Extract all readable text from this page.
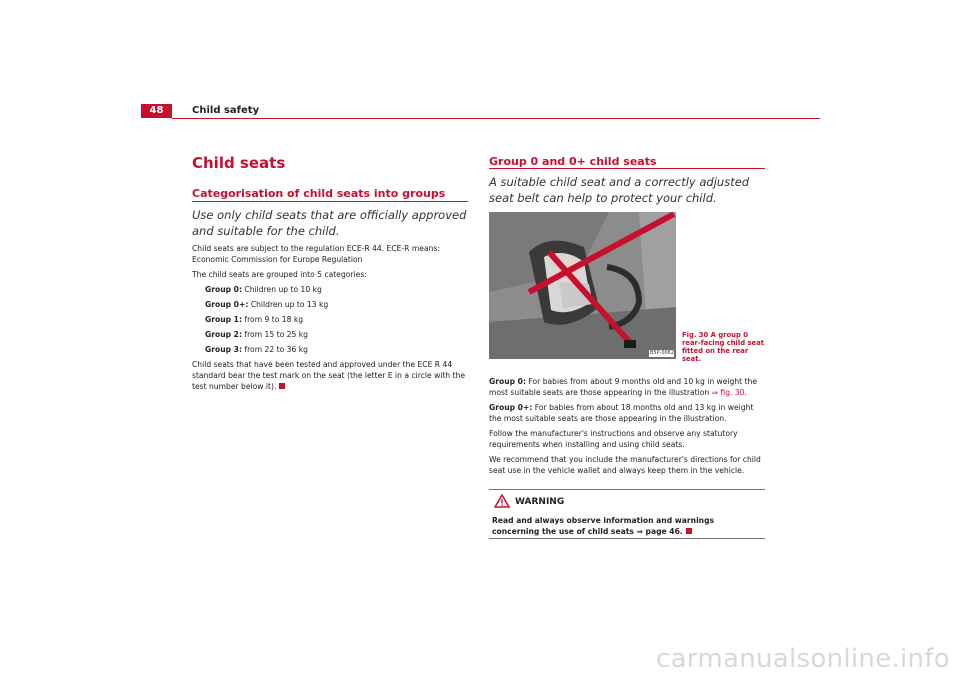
48	Child safety
Child seats
Categorisation of child seats into groups
Use only child seats that are officially approved and suitable for the child.

Child seats are subject to the regulation ECE-R 44. ECE-R means: Economic Commission for Europe Regulation

The child seats are grouped into 5 categories:

Group 0: Children up to 10 kg

Group 0+: Children up to 13 kg

Group 1: from 9 to 18 kg

Group 2: from 15 to 25 kg

Group 3: from 22 to 36 kg

Child seats that have been tested and approved under the ECE R 44 standard bear the test mark on the seat (the letter E in a circle with the test number below it).

Group 0 and 0+ child seats
A suitable child seat and a correctly adjusted seat belt can help to protect your child.
B5P-0062
Fig. 30 A group 0 rear-facing child seat fitted on the rear seat.

Group 0: For babies from about 9 months old and 10 kg in weight the most suitable seats are those appearing in the illustration ⇒ fig. 30.

Group 0+: For babies from about 18 months old and 13 kg in weight the most suitable seats are those appearing in the illustration.

Follow the manufacturer's instructions and observe any statutory requirements when installing and using child seats.

We recommend that you include the manufacturer's directions for child seat use in the vehicle wallet and always keep them in the vehicle.

WARNING
Read and always observe information and warnings concerning the use of child seats ⇒ page 46.
carmanualsonline.info
